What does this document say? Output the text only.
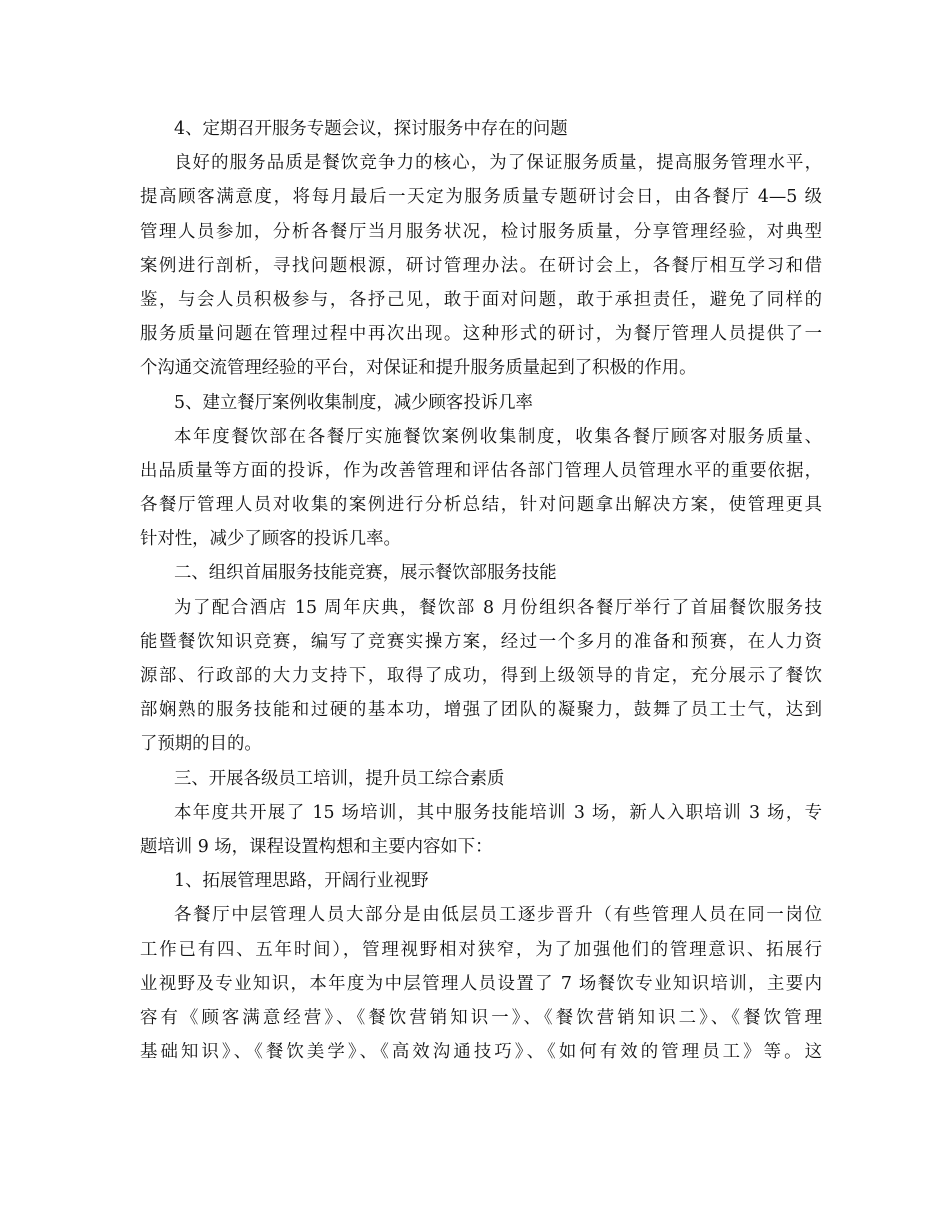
4、定期召开服务专题会议，探讨服务中存在的问题
良好的服务品质是餐饮竞争力的核心，为了保证服务质量，提高服务管理水平，
提高顾客满意度，将每月最后一天定为服务质量专题研讨会日，由各餐厅 4—5 级
管理人员参加，分析各餐厅当月服务状况，检讨服务质量，分享管理经验，对典型
案例进行剖析，寻找问题根源，研讨管理办法。在研讨会上，各餐厅相互学习和借
鉴，与会人员积极参与，各抒己见，敢于面对问题，敢于承担责任，避免了同样的
服务质量问题在管理过程中再次出现。这种形式的研讨，为餐厅管理人员提供了一
个沟通交流管理经验的平台，对保证和提升服务质量起到了积极的作用。
5、建立餐厅案例收集制度，减少顾客投诉几率
本年度餐饮部在各餐厅实施餐饮案例收集制度，收集各餐厅顾客对服务质量、
出品质量等方面的投诉，作为改善管理和评估各部门管理人员管理水平的重要依据，
各餐厅管理人员对收集的案例进行分析总结，针对问题拿出解决方案，使管理更具
针对性，减少了顾客的投诉几率。
二、组织首届服务技能竞赛，展示餐饮部服务技能
为了配合酒店 15 周年庆典，餐饮部 8 月份组织各餐厅举行了首届餐饮服务技
能暨餐饮知识竞赛，编写了竞赛实操方案，经过一个多月的准备和预赛，在人力资
源部、行政部的大力支持下，取得了成功，得到上级领导的肯定，充分展示了餐饮
部娴熟的服务技能和过硬的基本功，增强了团队的凝聚力，鼓舞了员工士气，达到
了预期的目的。
三、开展各级员工培训，提升员工综合素质
本年度共开展了 15 场培训，其中服务技能培训 3 场，新人入职培训 3 场，专
题培训 9 场，课程设置构想和主要内容如下：
1、拓展管理思路，开阔行业视野
各餐厅中层管理人员大部分是由低层员工逐步晋升（有些管理人员在同一岗位
工作已有四、五年时间），管理视野相对狭窄，为了加强他们的管理意识、拓展行
业视野及专业知识，本年度为中层管理人员设置了 7 场餐饮专业知识培训，主要内
容有《顾客满意经营》、《餐饮营销知识一》、《餐饮营销知识二》、《餐饮管理
基础知识》、《餐饮美学》、《高效沟通技巧》、《如何有效的管理员工》等。这
